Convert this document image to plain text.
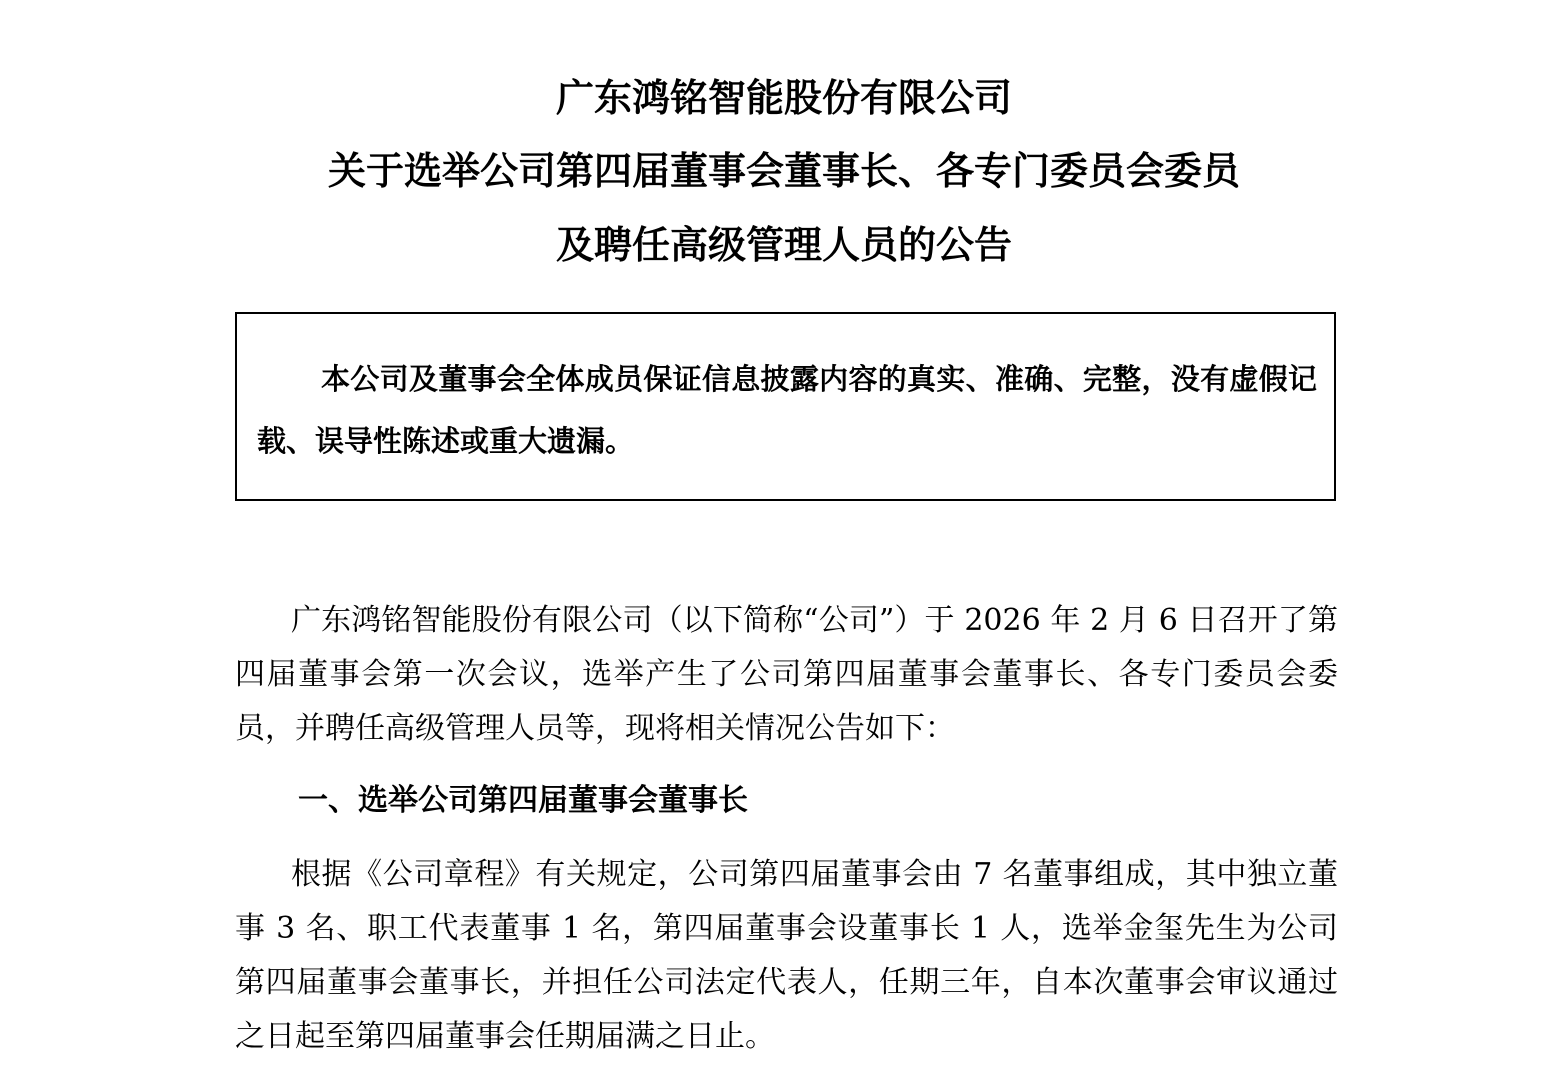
广东鸿铭智能股份有限公司
关于选举公司第四届董事会董事长、各专门委员会委员
及聘任高级管理人员的公告
本公司及董事会全体成员保证信息披露内容的真实、准确、完整，没有虚假记载、误导性陈述或重大遗漏。
广东鸿铭智能股份有限公司（以下简称“公司”）于 2026 年 2 月 6 日召开了第四届董事会第一次会议，选举产生了公司第四届董事会董事长、各专门委员会委员，并聘任高级管理人员等，现将相关情况公告如下：
一、选举公司第四届董事会董事长
根据《公司章程》有关规定，公司第四届董事会由 7 名董事组成，其中独立董事 3 名、职工代表董事 1 名，第四届董事会设董事长 1 人，选举金玺先生为公司第四届董事会董事长，并担任公司法定代表人，任期三年，自本次董事会审议通过之日起至第四届董事会任期届满之日止。
